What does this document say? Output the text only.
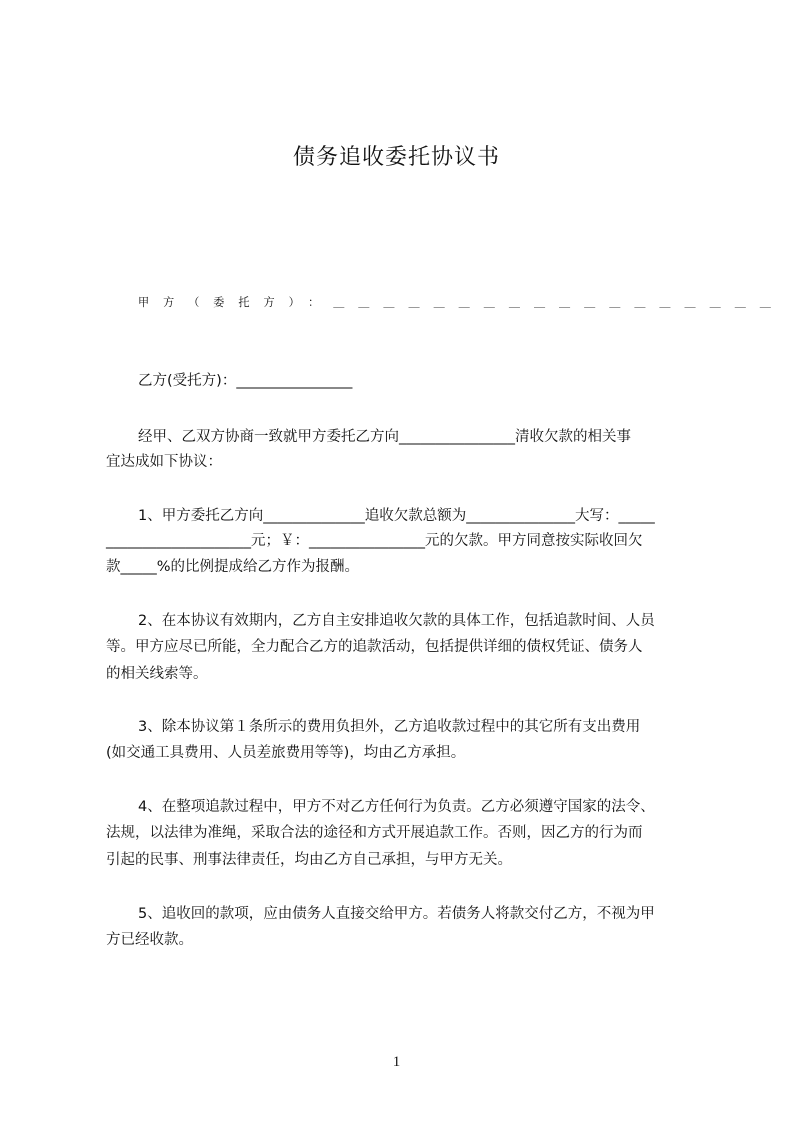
债务追收委托协议书
甲方（委托方）：＿＿＿＿＿＿＿＿＿＿＿＿＿＿＿＿＿＿
乙方(受托方)：________________
经甲、乙双方协商一致就甲方委托乙方向________________清收欠款的相关事
宜达成如下协议：
1、甲方委托乙方向______________追收欠款总额为_______________大写：_____
____________________元；￥：________________元的欠款。甲方同意按实际收回欠
款_____%的比例提成给乙方作为报酬。
2、在本协议有效期内，乙方自主安排追收欠款的具体工作，包括追款时间、人员
等。甲方应尽已所能，全力配合乙方的追款活动，包括提供详细的债权凭证、债务人
的相关线索等。
3、除本协议第１条所示的费用负担外，乙方追收款过程中的其它所有支出费用
(如交通工具费用、人员差旅费用等等)，均由乙方承担。
4、在整项追款过程中，甲方不对乙方任何行为负责。乙方必须遵守国家的法令、
法规，以法律为准绳，采取合法的途径和方式开展追款工作。否则，因乙方的行为而
引起的民事、刑事法律责任，均由乙方自己承担，与甲方无关。
5、追收回的款项，应由债务人直接交给甲方。若债务人将款交付乙方，不视为甲
方已经收款。
1
